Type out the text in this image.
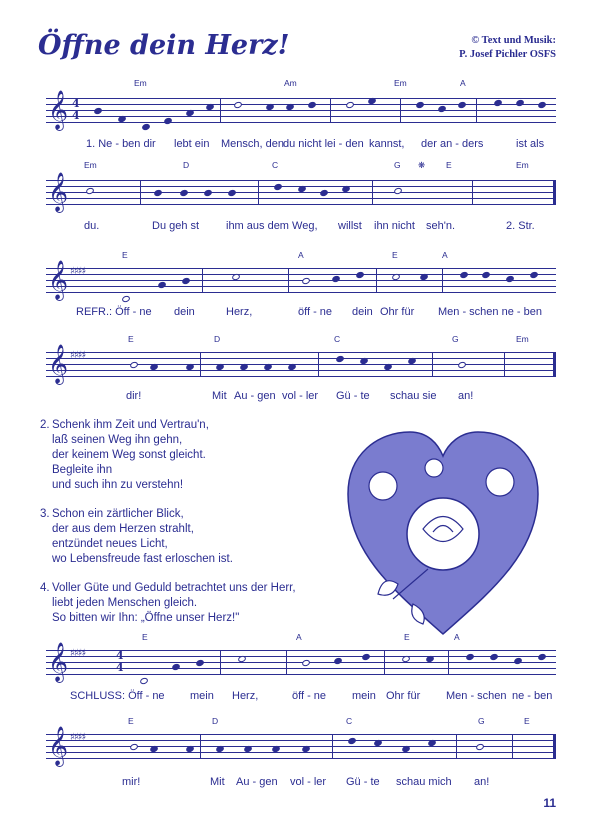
Öffne dein Herz!	© Text und Musik:
P. Josef Pichler OSFS
Em	Am	Em	A
𝄞 4
4
1. Ne - ben dir lebt ein Mensch, den du nicht lei - den kannst, der an - ders	ist als
Em	D	C	G ❋ E	Em
𝄞
du.	Du geh st ihm aus dem Weg, willst ihn nicht seh'n.	2. Str.
E	A	E	A
𝄞 ♯♯♯♯
REFR.: Öff - ne dein	Herz,	öff - ne dein Ohr für Men - schen ne - ben
E	D	C	G	Em
𝄞 ♯♯♯♯
dir!	Mit Au - gen vol - ler Gü - te schau sie an!
2. Schenk ihm Zeit und Vertrau'n,
laß seinen Weg ihn gehn,
der keinem Weg sonst gleicht.
Begleite ihn
und such ihn zu verstehn!
3. Schon ein zärtlicher Blick,
der aus dem Herzen strahlt,
entzündet neues Licht,
wo Lebensfreude fast erloschen ist.
4. Voller Güte und Geduld betrachtet uns der Herr,
liebt jeden Menschen gleich.
So bitten wir Ihn: „Öffne unser Herz!"
E	A	E	A
𝄞 ♯♯♯♯	4
4
SCHLUSS: Öff - ne mein Herz,	öff - ne mein Ohr für Men - schen ne - ben
E	D	C	G	E
𝄞 ♯♯♯♯
mir!	Mit Au - gen vol - ler Gü - te schau mich an!
11
